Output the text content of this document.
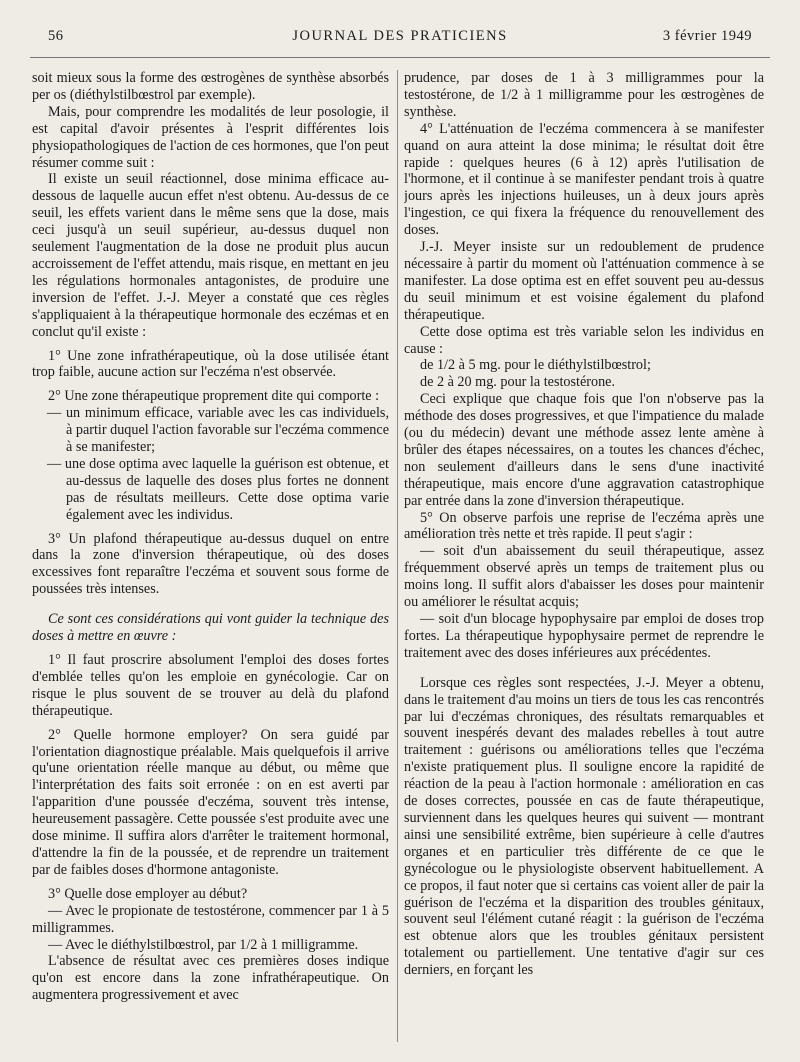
56	JOURNAL DES PRATICIENS	3 février 1949

soit mieux sous la forme des œstrogènes de synthèse absorbés per os (diéthylstilbœstrol par exemple).

Mais, pour comprendre les modalités de leur posologie, il est capital d'avoir présentes à l'esprit différentes lois physiopathologiques de l'action de ces hormones, que l'on peut résumer comme suit :

Il existe un seuil réactionnel, dose minima efficace au-dessous de laquelle aucun effet n'est obtenu. Au-dessus de ce seuil, les effets varient dans le même sens que la dose, mais ceci jusqu'à un seuil supérieur, au-dessus duquel non seulement l'augmentation de la dose ne produit plus aucun accroissement de l'effet attendu, mais risque, en mettant en jeu les régulations hormonales antagonistes, de produire une inversion de l'effet. J.-J. Meyer a constaté que ces règles s'appliquaient à la thérapeutique hormonale des eczémas et en conclut qu'il existe :

1° Une zone infrathérapeutique, où la dose utilisée étant trop faible, aucune action sur l'eczéma n'est observée.

2° Une zone thérapeutique proprement dite qui comporte :

— un minimum efficace, variable avec les cas individuels, à partir duquel l'action favorable sur l'eczéma commence à se manifester;

— une dose optima avec laquelle la guérison est obtenue, et au-dessus de laquelle des doses plus fortes ne donnent pas de résultats meilleurs. Cette dose optima varie également avec les individus.

3° Un plafond thérapeutique au-dessus duquel on entre dans la zone d'inversion thérapeutique, où des doses excessives font reparaître l'eczéma et souvent sous forme de poussées très intenses.

Ce sont ces considérations qui vont guider la technique des doses à mettre en œuvre :

1° Il faut proscrire absolument l'emploi des doses fortes d'emblée telles qu'on les emploie en gynécologie. Car on risque le plus souvent de se trouver au delà du plafond thérapeutique.

2° Quelle hormone employer? On sera guidé par l'orientation diagnostique préalable. Mais quelquefois il arrive qu'une orientation réelle manque au début, ou même que l'interprétation des faits soit erronée : on en est averti par l'apparition d'une poussée d'eczéma, souvent très intense, heureusement passagère. Cette poussée s'est produite avec une dose minime. Il suffira alors d'arrêter le traitement hormonal, d'attendre la fin de la poussée, et de reprendre un traitement par de faibles doses d'hormone antagoniste.

3° Quelle dose employer au début?

— Avec le propionate de testostérone, commencer par 1 à 5 milligrammes.

— Avec le diéthylstilbœstrol, par 1/2 à 1 milligramme.

L'absence de résultat avec ces premières doses indique qu'on est encore dans la zone infrathérapeutique. On augmentera progressivement et avec

prudence, par doses de 1 à 3 milligrammes pour la testostérone, de 1/2 à 1 milligramme pour les œstrogènes de synthèse.

4° L'atténuation de l'eczéma commencera à se manifester quand on aura atteint la dose minima; le résultat doit être rapide : quelques heures (6 à 12) après l'utilisation de l'hormone, et il continue à se manifester pendant trois à quatre jours après les injections huileuses, un à deux jours après l'ingestion, ce qui fixera la fréquence du renouvellement des doses.

J.-J. Meyer insiste sur un redoublement de prudence nécessaire à partir du moment où l'atténuation commence à se manifester. La dose optima est en effet souvent peu au-dessus du seuil minimum et est voisine également du plafond thérapeutique.

Cette dose optima est très variable selon les individus en cause :

de 1/2 à 5 mg. pour le diéthylstilbœstrol;

de 2 à 20 mg. pour la testostérone.

Ceci explique que chaque fois que l'on n'observe pas la méthode des doses progressives, et que l'impatience du malade (ou du médecin) devant une méthode assez lente amène à brûler des étapes nécessaires, on a toutes les chances d'échec, non seulement d'ailleurs dans le sens d'une inactivité thérapeutique, mais encore d'une aggravation catastrophique par entrée dans la zone d'inversion thérapeutique.

5° On observe parfois une reprise de l'eczéma après une amélioration très nette et très rapide. Il peut s'agir :

— soit d'un abaissement du seuil thérapeutique, assez fréquemment observé après un temps de traitement plus ou moins long. Il suffit alors d'abaisser les doses pour maintenir ou améliorer le résultat acquis;

— soit d'un blocage hypophysaire par emploi de doses trop fortes. La thérapeutique hypophysaire permet de reprendre le traitement avec des doses inférieures aux précédentes.

Lorsque ces règles sont respectées, J.-J. Meyer a obtenu, dans le traitement d'au moins un tiers de tous les cas rencontrés par lui d'eczémas chroniques, des résultats remarquables et souvent inespérés devant des malades rebelles à tout autre traitement : guérisons ou améliorations telles que l'eczéma n'existe pratiquement plus. Il souligne encore la rapidité de réaction de la peau à l'action hormonale : amélioration en cas de doses correctes, poussée en cas de faute thérapeutique, surviennent dans les quelques heures qui suivent — montrant ainsi une sensibilité extrême, bien supérieure à celle d'autres organes et en particulier très différente de ce que le gynécologue ou le physiologiste observent habituellement. A ce propos, il faut noter que si certains cas voient aller de pair la guérison de l'eczéma et la disparition des troubles génitaux, souvent seul l'élément cutané réagit : la guérison de l'eczéma est obtenue alors que les troubles génitaux persistent totalement ou partiellement. Une tentative d'agir sur ces derniers, en forçant les
